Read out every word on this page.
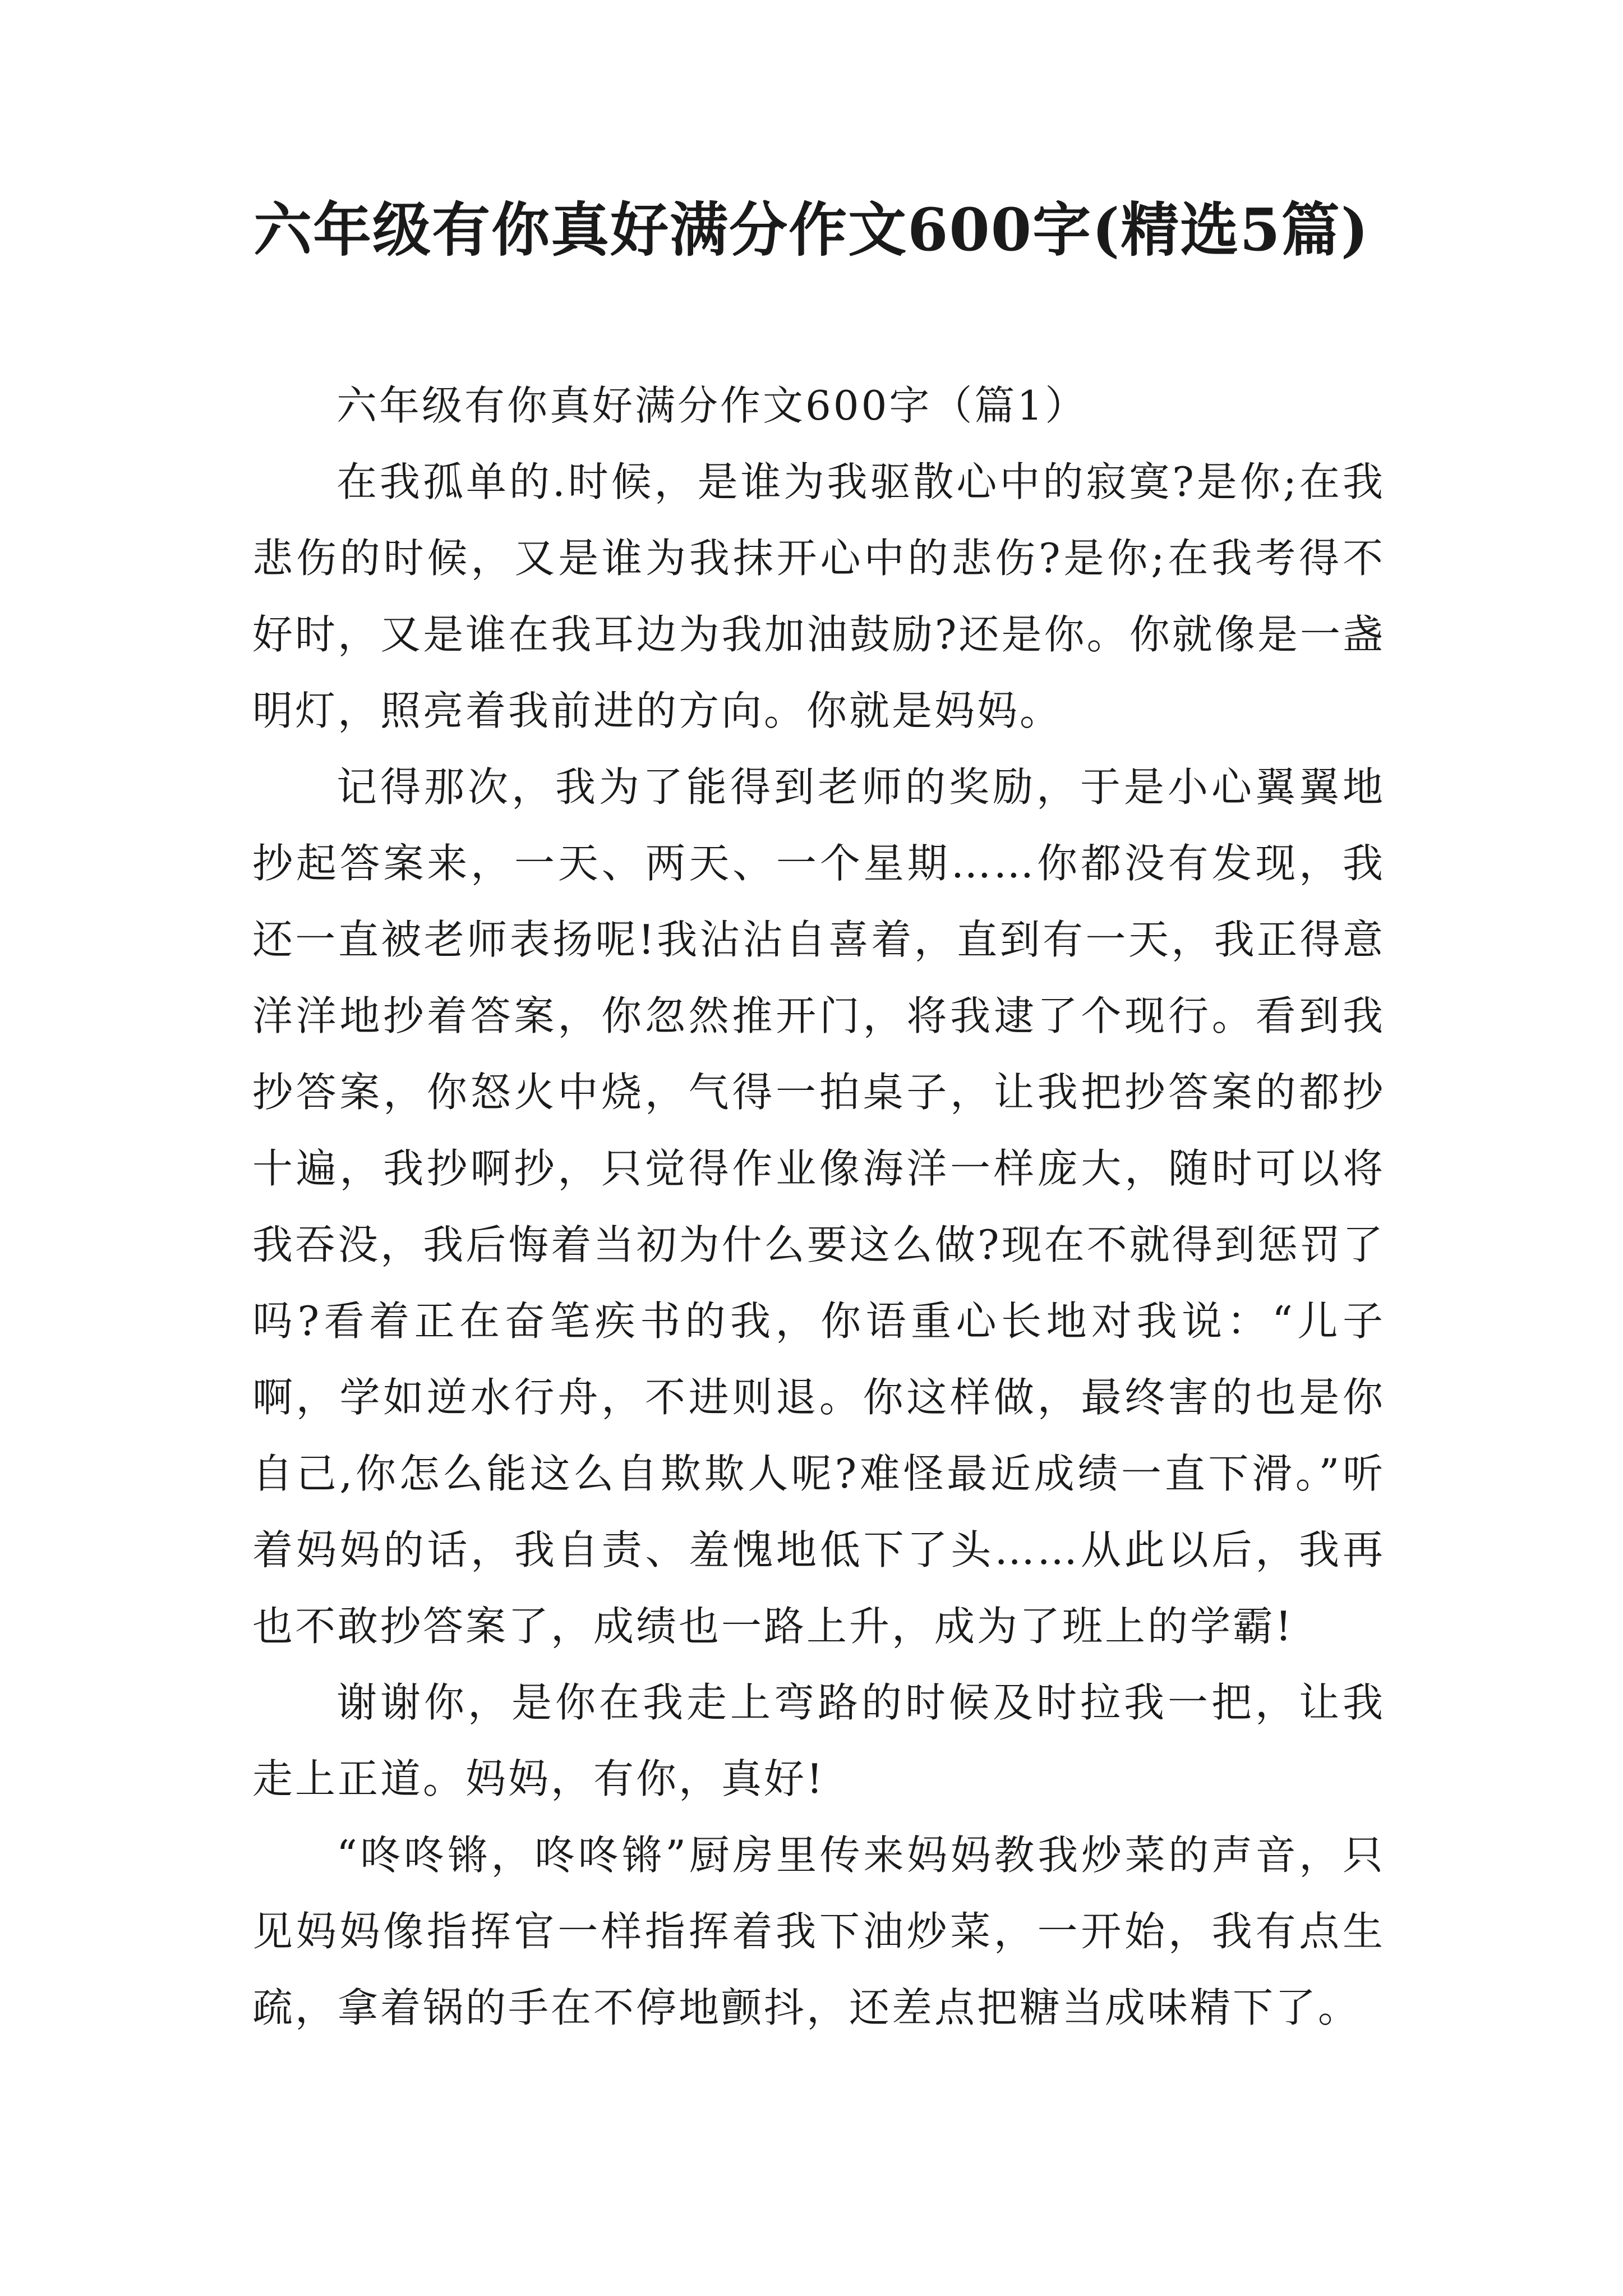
六年级有你真好满分作文600字(精选5篇)

六年级有你真好满分作文600字（篇1）

在我孤单的.时候，是谁为我驱散心中的寂寞?是你;在我悲伤的时候，又是谁为我抹开心中的悲伤?是你;在我考得不好时，又是谁在我耳边为我加油鼓励?还是你。你就像是一盏明灯，照亮着我前进的方向。你就是妈妈。

记得那次，我为了能得到老师的奖励，于是小心翼翼地抄起答案来，一天、两天、一个星期……你都没有发现，我还一直被老师表扬呢!我沾沾自喜着，直到有一天，我正得意洋洋地抄着答案，你忽然推开门，将我逮了个现行。看到我抄答案，你怒火中烧，气得一拍桌子，让我把抄答案的都抄十遍，我抄啊抄，只觉得作业像海洋一样庞大，随时可以将我吞没，我后悔着当初为什么要这么做?现在不就得到惩罚了吗?看着正在奋笔疾书的我，你语重心长地对我说：“儿子啊，学如逆水行舟，不进则退。你这样做，最终害的也是你自己,你怎么能这么自欺欺人呢?难怪最近成绩一直下滑。”听着妈妈的话，我自责、羞愧地低下了头……从此以后，我再也不敢抄答案了，成绩也一路上升，成为了班上的学霸!

谢谢你，是你在我走上弯路的时候及时拉我一把，让我走上正道。妈妈，有你，真好!

“咚咚锵，咚咚锵”厨房里传来妈妈教我炒菜的声音，只见妈妈像指挥官一样指挥着我下油炒菜，一开始，我有点生疏，拿着锅的手在不停地颤抖，还差点把糖当成味精下了。
